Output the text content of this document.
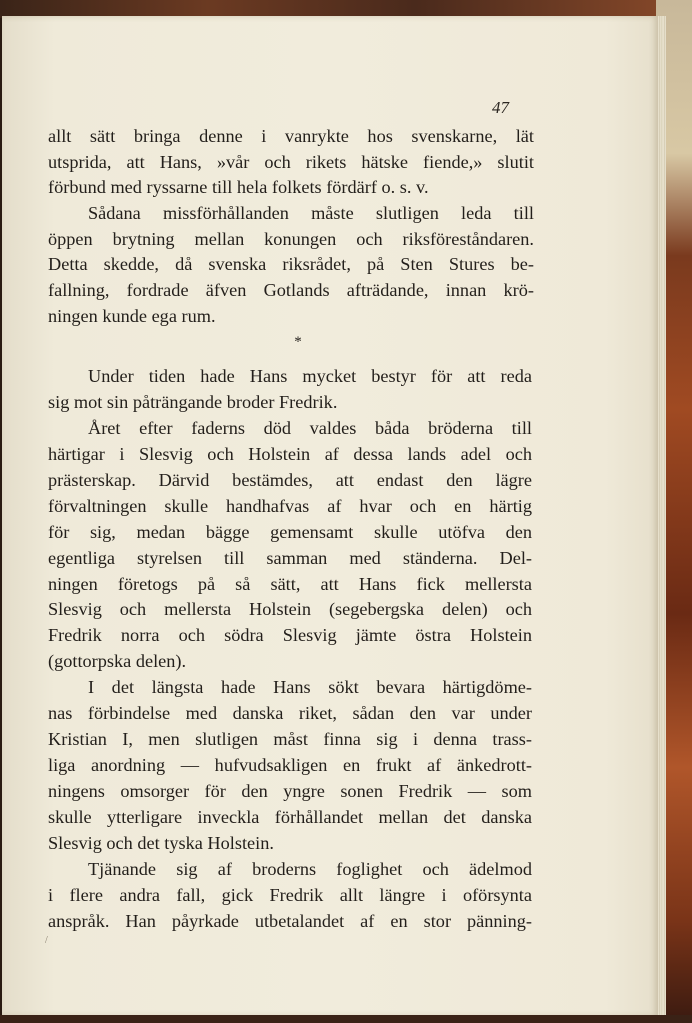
47
allt sätt bringa denne i vanrykte hos svenskarne, lät
utsprida, att Hans, »vår och rikets hätske fiende,» slutit
förbund med ryssarne till hela folkets fördärf o. s. v.
Sådana missförhållanden måste slutligen leda till
öppen brytning mellan konungen och riksföreståndaren.
Detta skedde, då svenska riksrådet, på Sten Stures be-
fallning, fordrade äfven Gotlands afträdande, innan krö-
ningen kunde ega rum.
*
Under tiden hade Hans mycket bestyr för att reda
sig mot sin påträngande broder Fredrik.
Året efter faderns död valdes båda bröderna till
härtigar i Slesvig och Holstein af dessa lands adel och
prästerskap. Därvid bestämdes, att endast den lägre
förvaltningen skulle handhafvas af hvar och en härtig
för sig, medan bägge gemensamt skulle utöfva den
egentliga styrelsen till samman med ständerna. Del-
ningen företogs på så sätt, att Hans fick mellersta
Slesvig och mellersta Holstein (segebergska delen) och
Fredrik norra och södra Slesvig jämte östra Holstein
(gottorpska delen).
I det längsta hade Hans sökt bevara härtigdöme-
nas förbindelse med danska riket, sådan den var under
Kristian I, men slutligen måst finna sig i denna trass-
liga anordning — hufvudsakligen en frukt af änkedrott-
ningens omsorger för den yngre sonen Fredrik — som
skulle ytterligare inveckla förhållandet mellan det danska
Slesvig och det tyska Holstein.
Tjänande sig af broderns foglighet och ädelmod
i flere andra fall, gick Fredrik allt längre i oförsynta
anspråk. Han påyrkade utbetalandet af en stor pänning-
/
